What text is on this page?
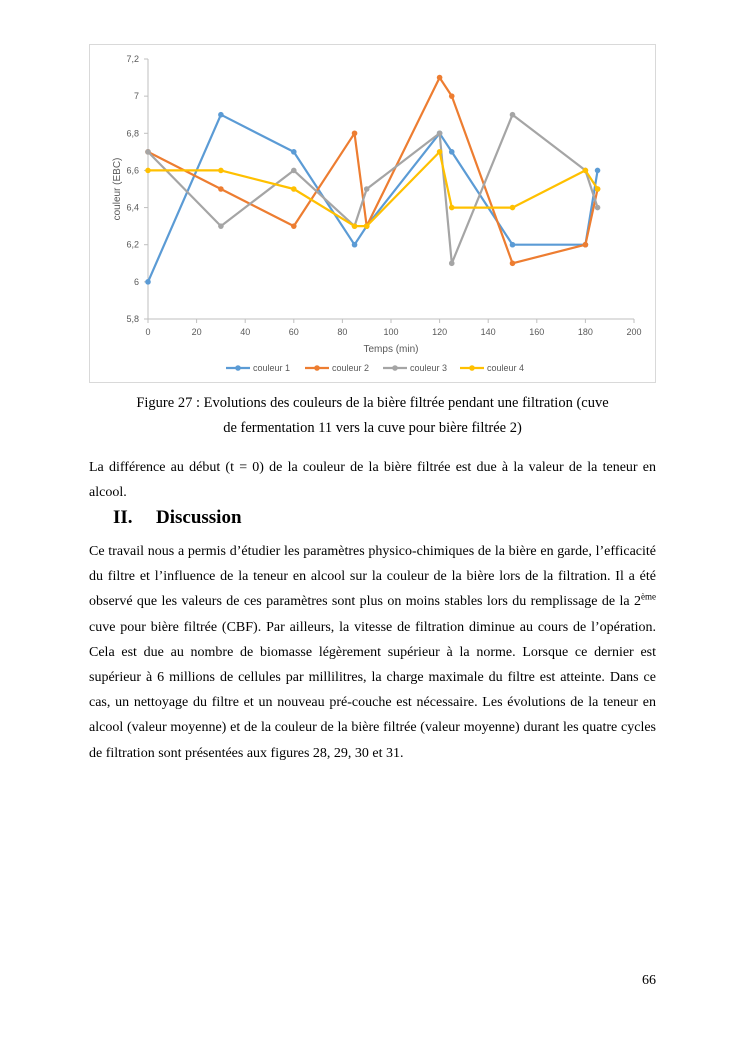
5,8
6
6,2
6,4
6,6
6,8
7
7,2
0	20	40	60	80	100	120	140	160	180	200
Temps (min)
couleur (EBC)
couleur 1	couleur 2	couleur 3	couleur 4
Figure 27 : Evolutions des couleurs de la bière filtrée pendant une filtration (cuve
de fermentation 11 vers la cuve pour bière filtrée 2)

La différence au début (t = 0) de la couleur de la bière filtrée est due à la valeur de la teneur en alcool.

II. Discussion

Ce travail nous a permis d’étudier les paramètres physico-chimiques de la bière en garde, l’efficacité du filtre et l’influence de la teneur en alcool sur la couleur de la bière lors de la filtration. Il a été observé que les valeurs de ces paramètres sont plus on moins stables lors du remplissage de la 2ème cuve pour bière filtrée (CBF). Par ailleurs, la vitesse de filtration diminue au cours de l’opération. Cela est due au nombre de biomasse légèrement supérieur à la norme. Lorsque ce dernier est supérieur à 6 millions de cellules par millilitres, la charge maximale du filtre est atteinte. Dans ce cas, un nettoyage du filtre et un nouveau pré-couche est nécessaire. Les évolutions de la teneur en alcool (valeur moyenne) et de la couleur de la bière filtrée (valeur moyenne) durant les quatre cycles de filtration sont présentées aux figures 28, 29, 30 et 31.

66
